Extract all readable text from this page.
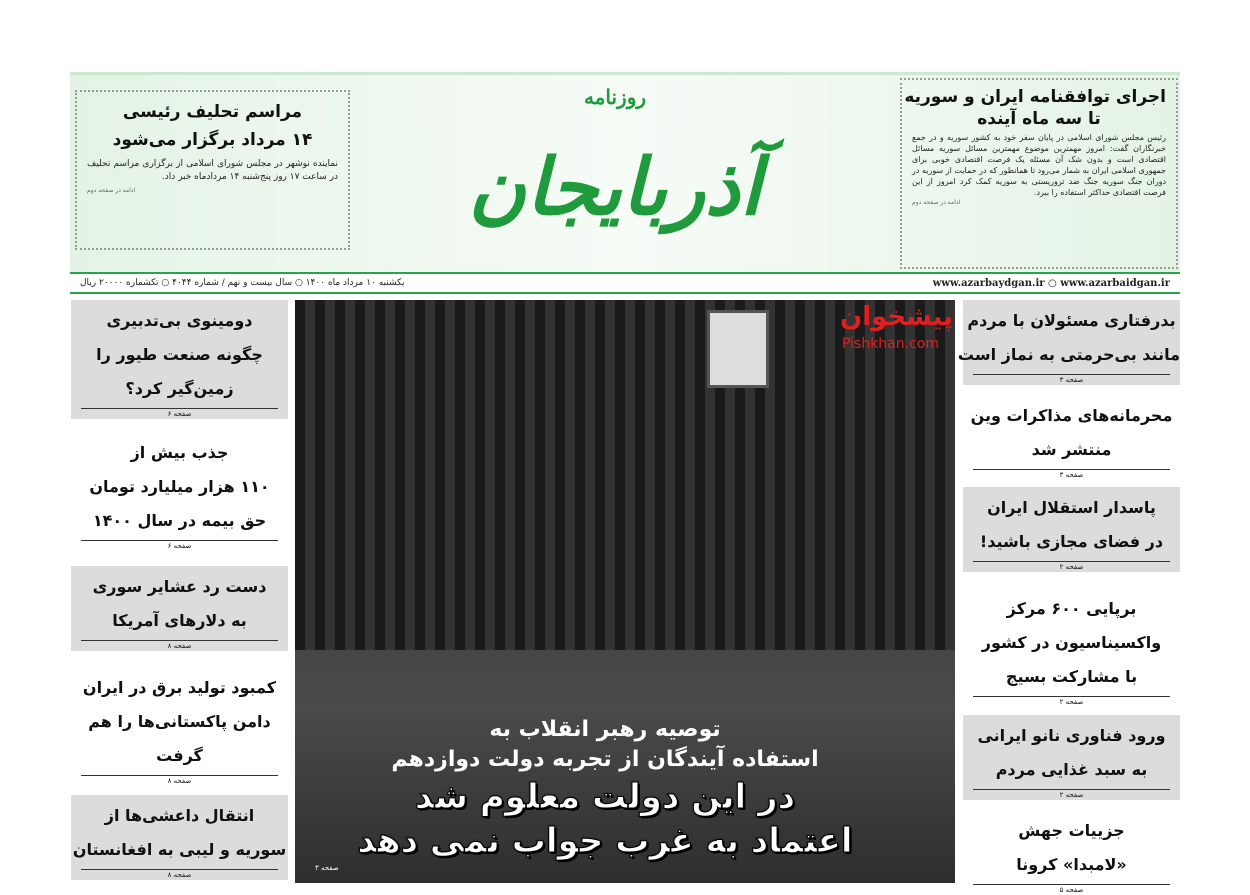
مراسم تحلیف رئیسی
۱۴ مرداد برگزار می‌شود

نماینده نوشهر در مجلس شورای اسلامی از برگزاری مراسم تحلیف در ساعت ۱۷ روز پنج‌شنبه ۱۴ مردادماه خبر داد.

ادامه در صفحه دوم
روزنامه
آذربایجان
اجرای توافقنامه ایران و سوریه
تا سه ماه آینده

رئیس مجلس شورای اسلامی در پایان سفر خود به کشور سوریه و در جمع خبرنگاران گفت: امروز مهمترین موضوع مهمترین مسائل سوریه مسائل اقتصادی است و بدون شک آن مسئله یک فرصت اقتصادی خوبی برای جمهوری اسلامی ایران به شمار می‌رود تا همانطور که در حمایت از سوریه در دوران جنگ سوریه جنگ ضد تروریستی به سوریه کمک کرد امروز از این فرصت اقتصادی حداکثر استفاده را ببرد.

ادامه در صفحه دوم
www.azarbaydgan.ir ○ www.azarbaidgan.ir
یکشنبه ۱۰ مرداد ماه ۱۴۰۰ ○ سال بیست و نهم / شماره ۴۰۴۴ ○ تکشماره ۲۰۰۰۰ ریال
توصیه رهبر انقلاب به
استفاده آیندگان از تجربه دولت دوازدهم
در این دولت معلوم شد
اعتماد به غرب جواب نمی دهد
صفحه ۳
پیشخوان
Pishkhan.com
دومینوی بی‌تدبیری
چگونه صنعت طیور را
زمین‌گیر کرد؟
صفحه ۶
جذب بیش از
۱۱۰ هزار میلیارد تومان
حق بیمه در سال ۱۴۰۰
صفحه ۶
دست رد عشایر سوری
به دلارهای آمریکا
صفحه ۸
کمبود تولید برق در ایران
دامن پاکستانی‌ها را هم
گرفت
صفحه ۸
انتقال داعشی‌ها از
سوریه و لیبی به افغانستان
صفحه ۸
بدرفتاری مسئولان با مردم
مانند بی‌حرمتی به نماز است
صفحه ۳
محرمانه‌های مذاکرات وین
منتشر شد
صفحه ۳
پاسدار استقلال ایران
در فضای مجازی باشید!
صفحه ۲
برپایی ۶۰۰ مرکز
واکسیناسیون در کشور
با مشارکت بسیج
صفحه ۲
ورود فناوری نانو ایرانی
به سبد غذایی مردم
صفحه ۲
جزییات جهش
«لامبدا» کرونا
صفحه ۵
